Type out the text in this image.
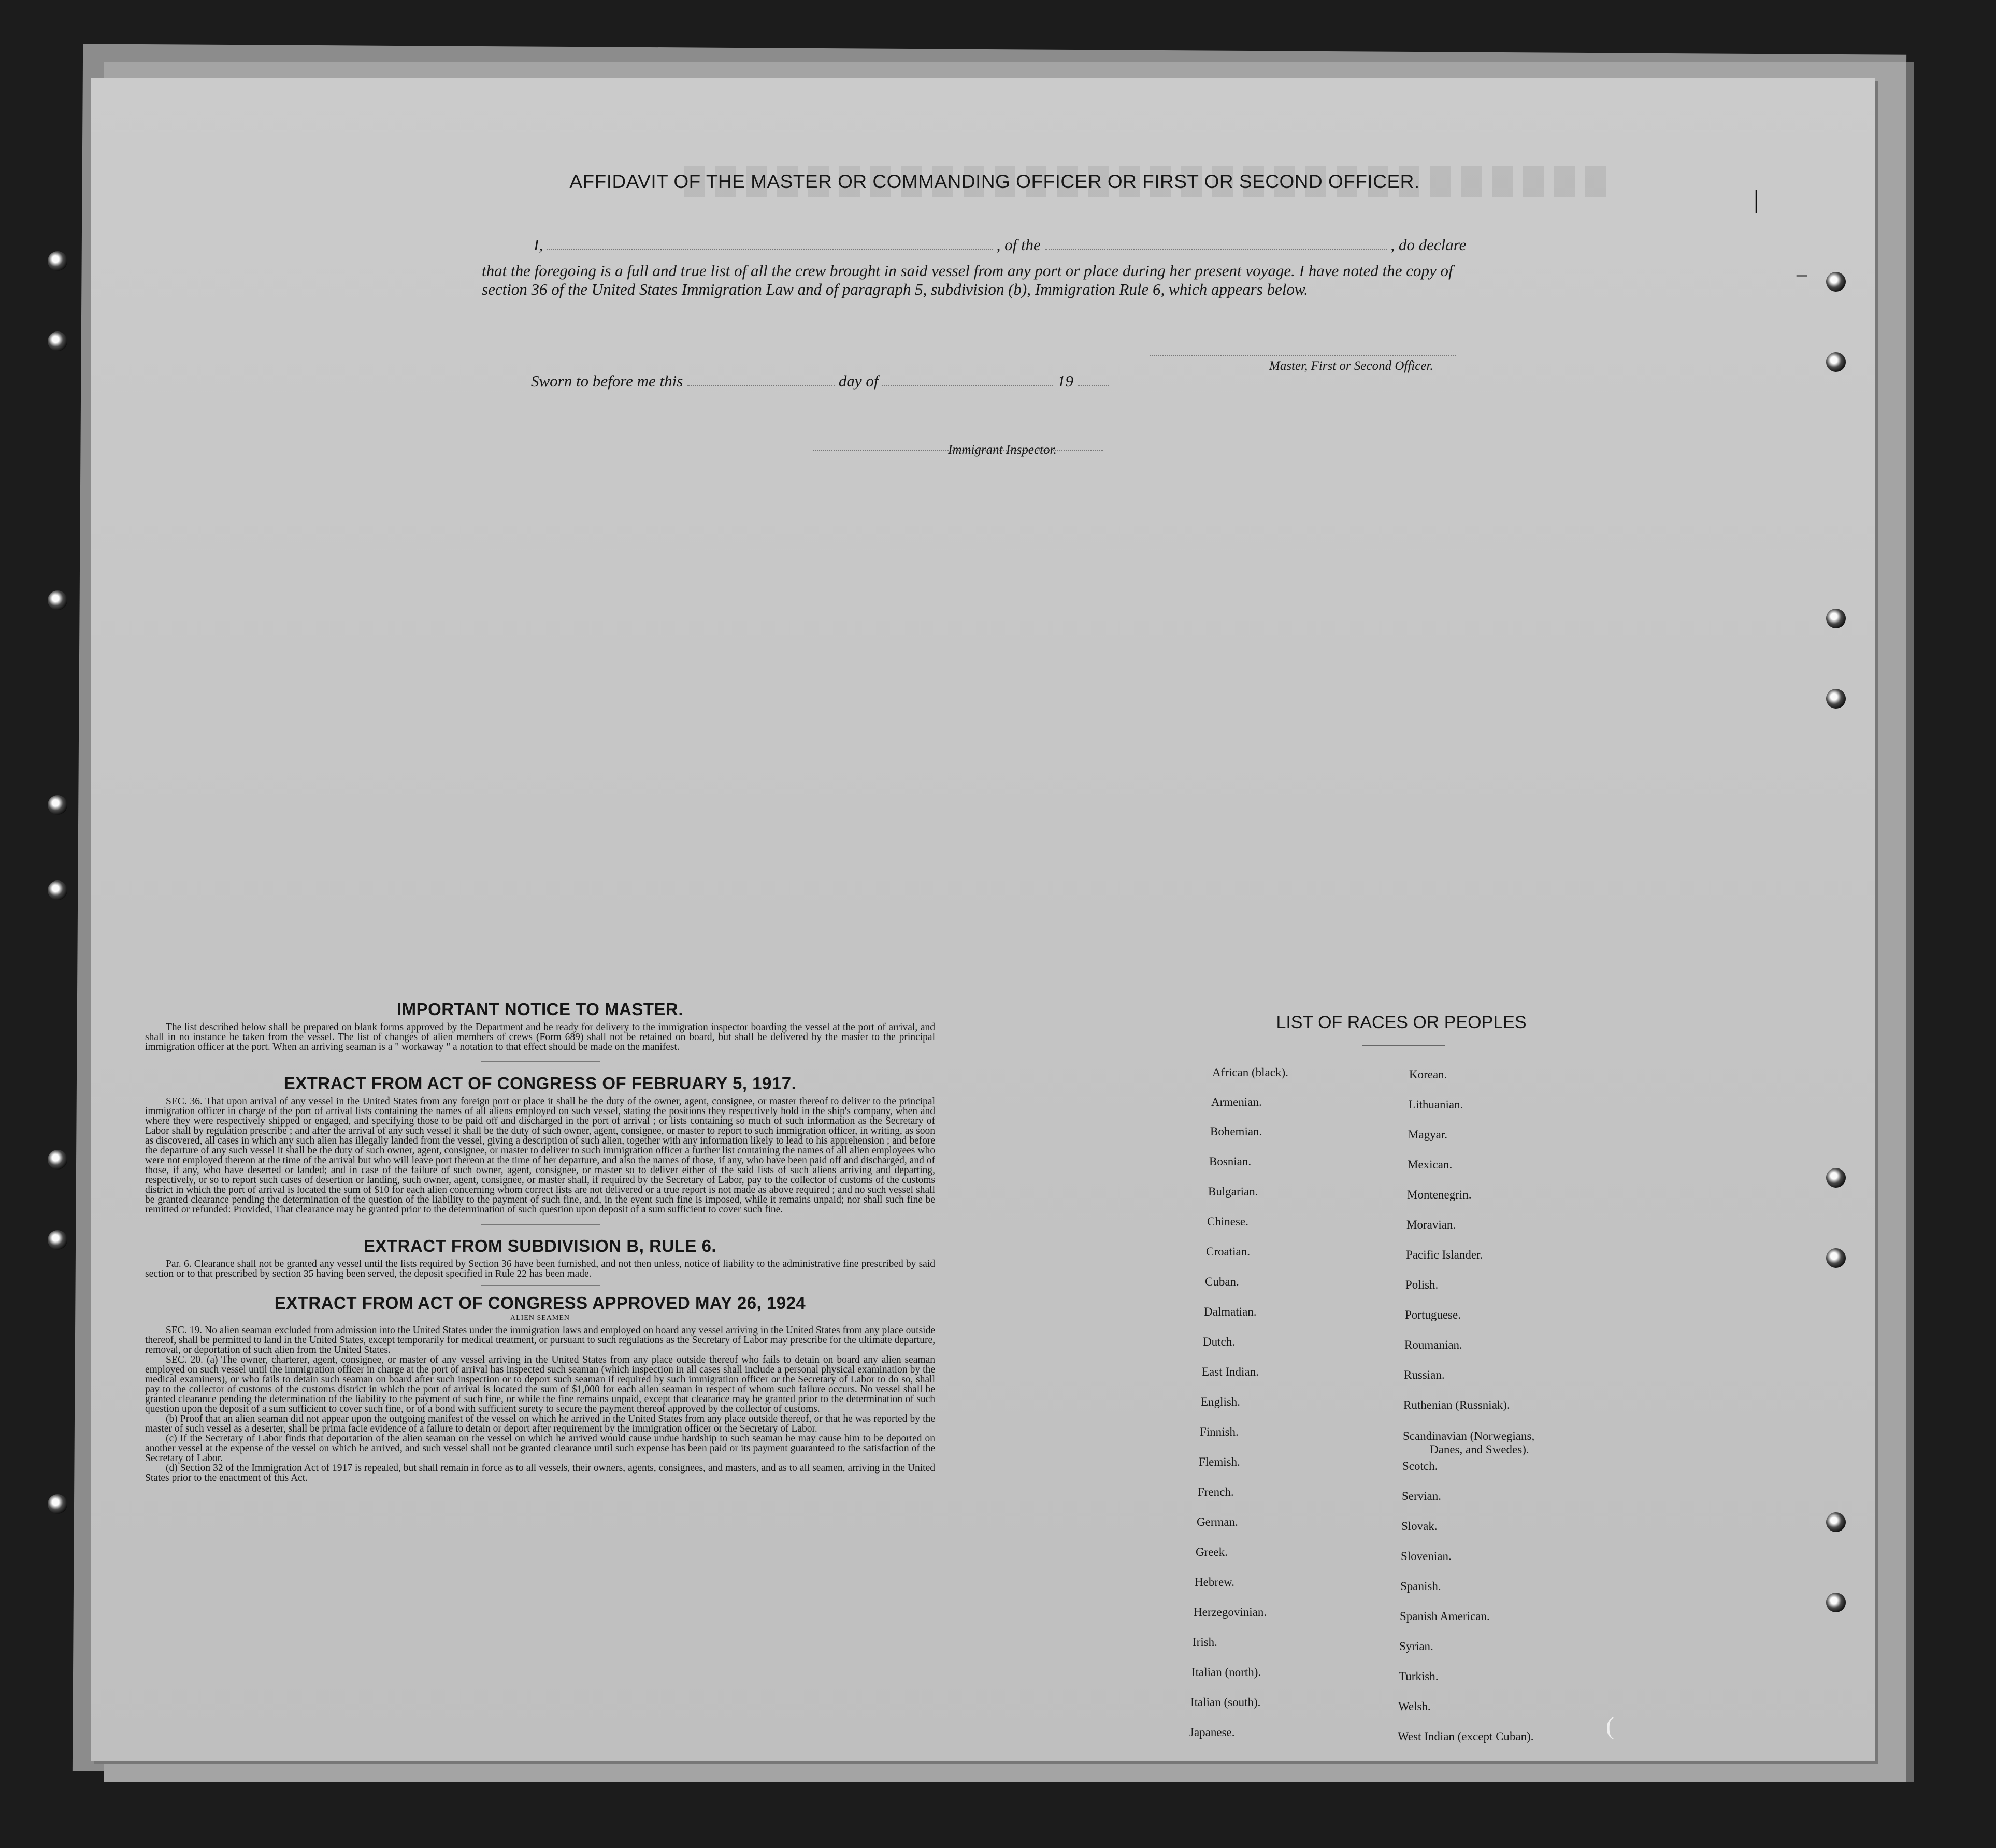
AFFIDAVIT OF THE MASTER OR COMMANDING OFFICER OR FIRST OR SECOND OFFICER.
I,	, of the	, do declare
that the foregoing is a full and true list of all the crew brought in said vessel from any port or place during her present voyage. I have noted the copy of section 36 of the United States Immigration Law and of paragraph 5, subdivision (b), Immigration Rule 6, which appears below.
Master, First or Second Officer.
Sworn to before me this	day of	19
Immigrant Inspector.
|
–
(
IMPORTANT NOTICE TO MASTER.

The list described below shall be prepared on blank forms approved by the Department and be ready for delivery to the immigration inspector boarding the vessel at the port of arrival, and shall in no instance be taken from the vessel. The list of changes of alien members of crews (Form 689) shall not be retained on board, but shall be delivered by the master to the principal immigration officer at the port. When an arriving seaman is a " workaway " a notation to that effect should be made on the manifest.

EXTRACT FROM ACT OF CONGRESS OF FEBRUARY 5, 1917.

SEC. 36. That upon arrival of any vessel in the United States from any foreign port or place it shall be the duty of the owner, agent, consignee, or master thereof to deliver to the principal immigration officer in charge of the port of arrival lists containing the names of all aliens employed on such vessel, stating the positions they respectively hold in the ship's company, when and where they were respectively shipped or engaged, and specifying those to be paid off and discharged in the port of arrival ; or lists containing so much of such information as the Secretary of Labor shall by regulation prescribe ; and after the arrival of any such vessel it shall be the duty of such owner, agent, consignee, or master to report to such immigration officer, in writing, as soon as discovered, all cases in which any such alien has illegally landed from the vessel, giving a description of such alien, together with any information likely to lead to his apprehension ; and before the departure of any such vessel it shall be the duty of such owner, agent, consignee, or master to deliver to such immigration officer a further list containing the names of all alien employees who were not employed thereon at the time of the arrival but who will leave port thereon at the time of her departure, and also the names of those, if any, who have been paid off and discharged, and of those, if any, who have deserted or landed; and in case of the failure of such owner, agent, consignee, or master so to deliver either of the said lists of such aliens arriving and departing, respectively, or so to report such cases of desertion or landing, such owner, agent, consignee, or master shall, if required by the Secretary of Labor, pay to the collector of customs of the customs district in which the port of arrival is located the sum of $10 for each alien concerning whom correct lists are not delivered or a true report is not made as above required ; and no such vessel shall be granted clearance pending the determination of the question of the liability to the payment of such fine, and, in the event such fine is imposed, while it remains unpaid; nor shall such fine be remitted or refunded: Provided, That clearance may be granted prior to the determination of such question upon deposit of a sum sufficient to cover such fine.

EXTRACT FROM SUBDIVISION B, RULE 6.

Par. 6. Clearance shall not be granted any vessel until the lists required by Section 36 have been furnished, and not then unless, notice of liability to the administrative fine prescribed by said section or to that prescribed by section 35 having been served, the deposit specified in Rule 22 has been made.

EXTRACT FROM ACT OF CONGRESS APPROVED MAY 26, 1924
ALIEN SEAMEN

SEC. 19. No alien seaman excluded from admission into the United States under the immigration laws and employed on board any vessel arriving in the United States from any place outside thereof, shall be permitted to land in the United States, except temporarily for medical treatment, or pursuant to such regulations as the Secretary of Labor may prescribe for the ultimate departure, removal, or deportation of such alien from the United States.

SEC. 20. (a) The owner, charterer, agent, consignee, or master of any vessel arriving in the United States from any place outside thereof who fails to detain on board any alien seaman employed on such vessel until the immigration officer in charge at the port of arrival has inspected such seaman (which inspection in all cases shall include a personal physical examination by the medical examiners), or who fails to detain such seaman on board after such inspection or to deport such seaman if required by such immigration officer or the Secretary of Labor to do so, shall pay to the collector of customs of the customs district in which the port of arrival is located the sum of $1,000 for each alien seaman in respect of whom such failure occurs. No vessel shall be granted clearance pending the determination of the liability to the payment of such fine, or while the fine remains unpaid, except that clearance may be granted prior to the determination of such question upon the deposit of a sum sufficient to cover such fine, or of a bond with sufficient surety to secure the payment thereof approved by the collector of customs.

(b) Proof that an alien seaman did not appear upon the outgoing manifest of the vessel on which he arrived in the United States from any place outside thereof, or that he was reported by the master of such vessel as a deserter, shall be prima facie evidence of a failure to detain or deport after requirement by the immigration officer or the Secretary of Labor.

(c) If the Secretary of Labor finds that deportation of the alien seaman on the vessel on which he arrived would cause undue hardship to such seaman he may cause him to be deported on another vessel at the expense of the vessel on which he arrived, and such vessel shall not be granted clearance until such expense has been paid or its payment guaranteed to the satisfaction of the Secretary of Labor.

(d) Section 32 of the Immigration Act of 1917 is repealed, but shall remain in force as to all vessels, their owners, agents, consignees, and masters, and as to all seamen, arriving in the United States prior to the enactment of this Act.

LIST OF RACES OR PEOPLES
African (black).
Armenian.
Bohemian.
Bosnian.
Bulgarian.
Chinese.
Croatian.
Cuban.
Dalmatian.
Dutch.
East Indian.
English.
Finnish.
Flemish.
French.
German.
Greek.
Hebrew.
Herzegovinian.
Irish.
Italian (north).
Italian (south).
Japanese.
Korean.
Lithuanian.
Magyar.
Mexican.
Montenegrin.
Moravian.
Pacific Islander.
Polish.
Portuguese.
Roumanian.
Russian.
Ruthenian (Russniak).
Scandinavian (Norwegians,
Danes, and Swedes).
Scotch.
Servian.
Slovak.
Slovenian.
Spanish.
Spanish American.
Syrian.
Turkish.
Welsh.
West Indian (except Cuban).
